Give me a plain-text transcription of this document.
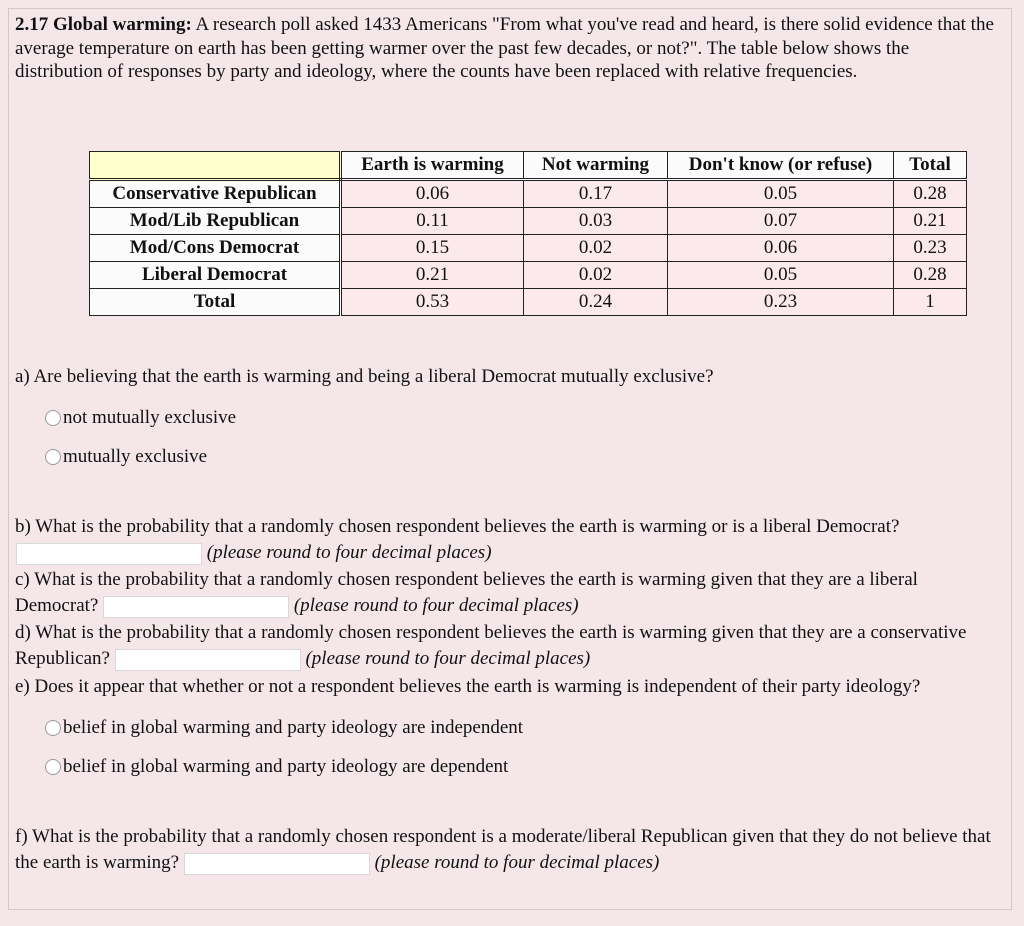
2.17 Global warming: A research poll asked 1433 Americans "From what you've read and heard, is there solid evidence that the average temperature on earth has been getting warmer over the past few decades, or not?". The table below shows the distribution of responses by party and ideology, where the counts have been replaced with relative frequencies.
	Earth is warming	Not warming	Don't know (or refuse)	Total
Conservative Republican	0.06	0.17	0.05	0.28
Mod/Lib Republican	0.11	0.03	0.07	0.21
Mod/Cons Democrat	0.15	0.02	0.06	0.23
Liberal Democrat	0.21	0.02	0.05	0.28
Total	0.53	0.24	0.23	1
a) Are believing that the earth is warming and being a liberal Democrat mutually exclusive?
not mutually exclusive
mutually exclusive
b) What is the probability that a randomly chosen respondent believes the earth is warming or is a liberal Democrat?
(please round to four decimal places)
c) What is the probability that a randomly chosen respondent believes the earth is warming given that they are a liberal Democrat?	(please round to four decimal places)
d) What is the probability that a randomly chosen respondent believes the earth is warming given that they are a conservative Republican?	(please round to four decimal places)
e) Does it appear that whether or not a respondent believes the earth is warming is independent of their party ideology?
belief in global warming and party ideology are independent
belief in global warming and party ideology are dependent
f) What is the probability that a randomly chosen respondent is a moderate/liberal Republican given that they do not believe that the earth is warming?	(please round to four decimal places)
